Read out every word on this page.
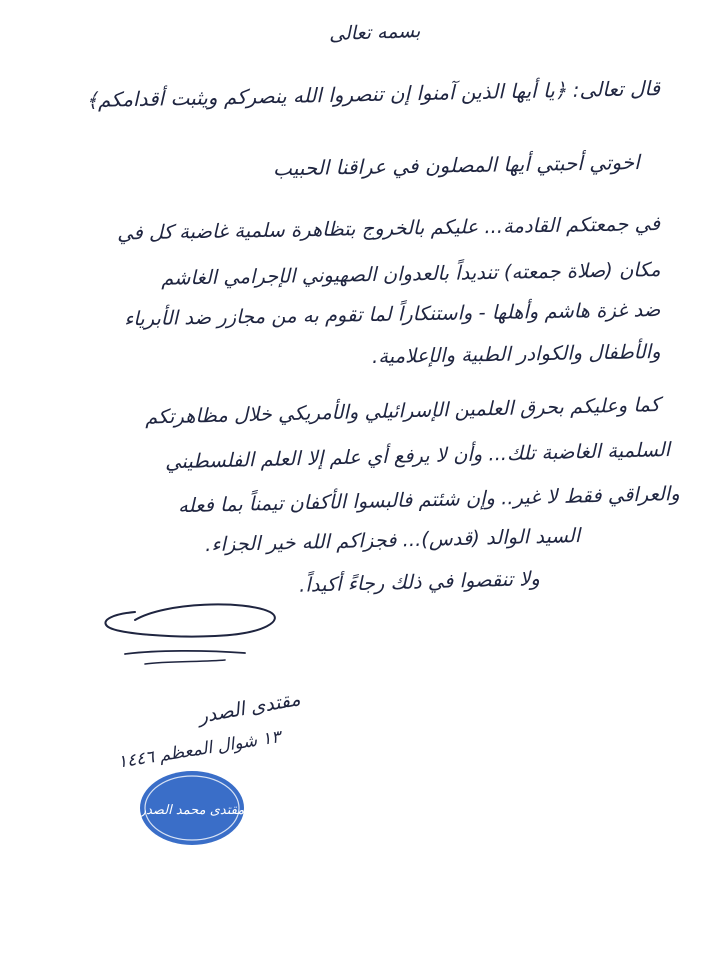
بسمه تعالى
قال تعالى: ﴿يا أيها الذين آمنوا إن تنصروا الله ينصركم ويثبت أقدامكم﴾
اخوتي أحبتي أيها المصلون في عراقنا الحبيب
في جمعتكم القادمة... عليكم بالخروج بتظاهرة سلمية غاضبة كل في
مكان (صلاة جمعته) تنديداً بالعدوان الصهيوني الإجرامي الغاشم
ضد غزة هاشم وأهلها - واستنكاراً لما تقوم به من مجازر ضد الأبرياء
والأطفال والكوادر الطبية والإعلامية.
كما وعليكم بحرق العلمين الإسرائيلي والأمريكي خلال مظاهرتكم
السلمية الغاضبة تلك... وأن لا يرفع أي علم إلا العلم الفلسطيني
والعراقي فقط لا غير.. وإن شئتم فالبسوا الأكفان تيمناً بما فعله
السيد الوالد (قدس)... فجزاكم الله خير الجزاء.
ولا تنقصوا في ذلك رجاءً أكيداً.
مقتدى الصدر
١٣ شوال المعظم ١٤٤٦
مقتدى محمد الصدر
